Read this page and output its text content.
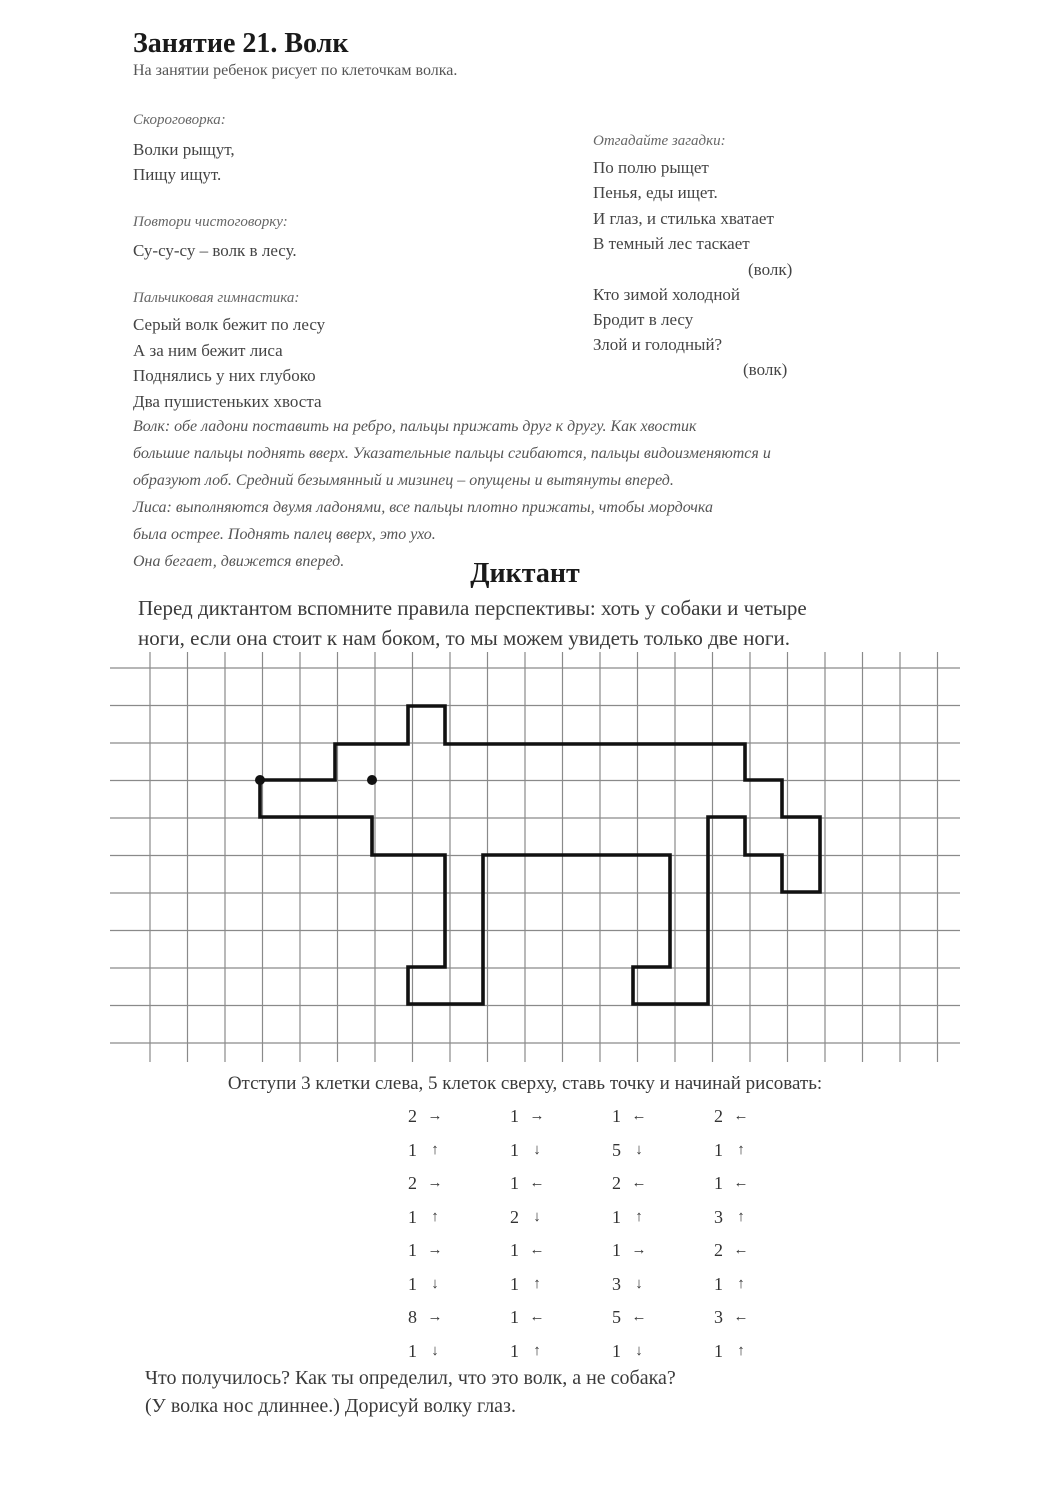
Занятие 21. Волк
На занятии ребенок рисует по клеточкам волка.
Скороговорка:
Волки рыщут,
Пищу ищут.
Повтори чистоговорку:
Су-су-су – волк в лесу.
Пальчиковая гимнастика:
Серый волк бежит по лесу
А за ним бежит лиса
Поднялись у них глубоко
Два пушистеньких хвоста
Отгадайте загадки:
По полю рыщет
Пенья, еды ищет.
И глаз, и стилька хватает
В темный лес таскает
(волк)
Кто зимой холодной
Бродит в лесу
Злой и голодный?
(волк)
Волк: обе ладони поставить на ребро, пальцы прижать друг к другу. Как хвостик
большие пальцы поднять вверх. Указательные пальцы сгибаются, пальцы видоизменяются и
образуют лоб. Средний безымянный и мизинец – опущены и вытянуты вперед.
Лиса: выполняются двумя ладонями, все пальцы плотно прижаты, чтобы мордочка
была острее. Поднять палец вверх, это ухо.
Она бегает, движется вперед.	Диктант
Перед диктантом вспомните правила перспективы: хоть у собаки и четыре
ноги, если она стоит к нам боком, то мы можем увидеть только две ноги.
Отступи 3 клетки слева, 5 клеток сверху, ставь точку и начинай рисовать:
2 →	1 →	1 ←	2 ←
1 ↑	1 ↓	5 ↓	1 ↑
2 →	1 ←	2 ←	1 ←
1 ↑	2 ↓	1 ↑	3 ↑
1 →	1 ←	1 →	2 ←
1 ↓	1 ↑	3 ↓	1 ↑
8 →	1 ←	5 ←	3 ←
1 ↓	1 ↑	1 ↓	1 ↑
Что получилось? Как ты определил, что это волк, а не собака?
(У волка нос длиннее.) Дорисуй волку глаз.
